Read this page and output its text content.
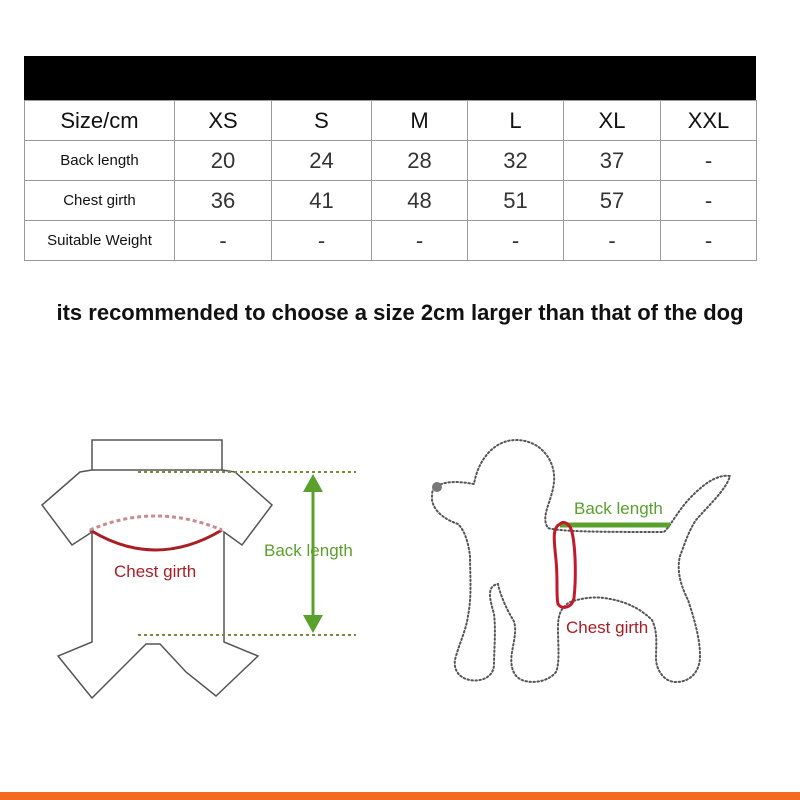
Size/cm	XS	S	M	L	XL	XXL
Back length	20	24	28	32	37	-
Chest girth	36	41	48	51	57	-
Suitable Weight	-	-	-	-	-	-
its recommended to choose a size 2cm larger than that of the dog
Chest girth
Back length
Back length
Chest girth
